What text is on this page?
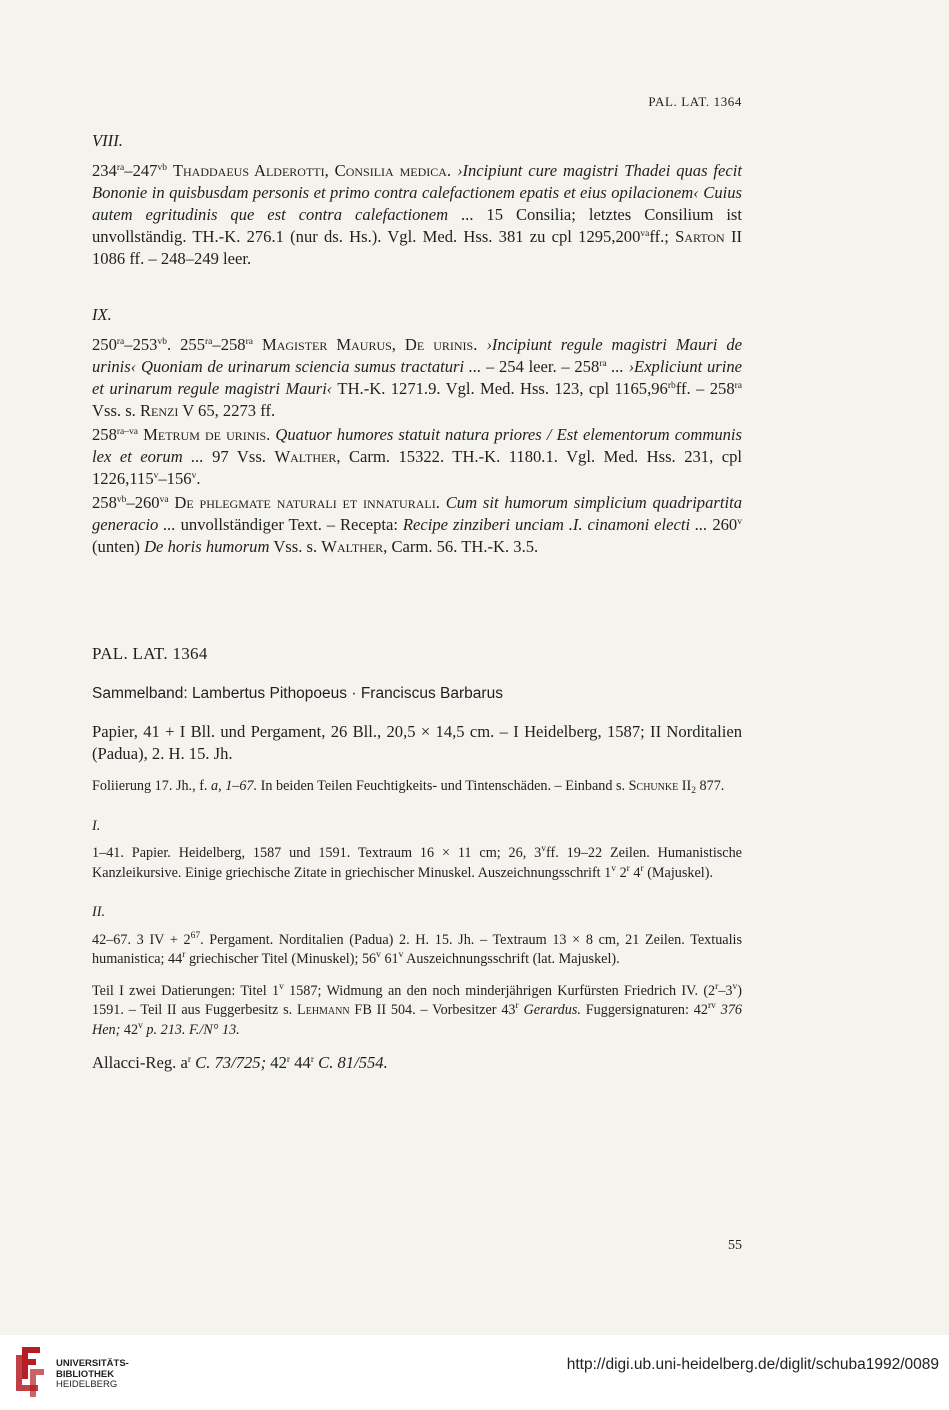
PAL. LAT. 1364

VIII.

$234^{ra}-247^{vb}$ Thaddaeus Alderotti, Consilia medica. ›Incipiunt cure magistri Thadei quas fecit Bononie in quisbusdam personis et primo contra calefactionem epatis et eius opilacionem‹ Cuius autem egritudinis que est contra calefactionem ... 15 Consilia; letztes Consilium ist unvollständig. TH.-K. 276.1 (nur ds. Hs.). Vgl. Med. Hss. 381 zu cpl $1295,200^{va}ff$.; Sarton II 1086 ff. – 248–249 leer.

IX.

$250^{ra}-253^{vb}$. $255^{ra}-258^{ra}$ Magister Maurus, De urinis. ›Incipiunt regule magistri Mauri de urinis‹ Quoniam de urinarum sciencia sumus tractaturi ... – 254 leer. – $258^{ra}$ ... ›Expliciunt urine et urinarum regule magistri Mauri‹ TH.-K. 1271.9. Vgl. Med. Hss. 123, cpl $1165,96^{rb}ff$. – $258^{ra}$ Vss. s. Renzi V 65, 2273 ff.

$258^{ra-va}$ Metrum de urinis. Quatuor humores statuit natura priores / Est elementorum communis lex et eorum ... 97 Vss. Walther, Carm. 15322. TH.-K. 1180.1. Vgl. Med. Hss. 231, cpl 1226,115$^v$–156$^v$.

$258^{vb}-260^{va}$ De phlegmate naturali et innaturali. Cum sit humorum simplicium quadripartita generacio ... unvollständiger Text. – Recepta: Recipe zinziberi unciam .I. cinamoni electi ... 260$^v$ (unten) De horis humorum Vss. s. Walther, Carm. 56. TH.-K. 3.5.

PAL. LAT. 1364

Sammelband: Lambertus Pithopoeus · Franciscus Barbarus

Papier, 41 + I Bll. und Pergament, 26 Bll., 20,5 × 14,5 cm. – I Heidelberg, 1587; II Norditalien (Padua), 2. H. 15. Jh.

Foliierung 17. Jh., f. a, 1–67. In beiden Teilen Feuchtigkeits- und Tintenschäden. – Einband s. Schunke $II_2$ 877.

I.

1–41. Papier. Heidelberg, 1587 und 1591. Textraum 16 × 11 cm; 26, 3$^v$ff. 19–22 Zeilen. Humanistische Kanzleikursive. Einige griechische Zitate in griechischer Minuskel. Auszeichnungsschrift 1$^v$ 2$^r$ 4$^r$ (Majuskel).

II.

42–67. 3 IV + $2^{67}$. Pergament. Norditalien (Padua) 2. H. 15. Jh. – Textraum 13 × 8 cm, 21 Zeilen. Textualis humanistica; 44$^r$ griechischer Titel (Minuskel); 56$^v$ 61$^v$ Auszeichnungsschrift (lat. Majuskel).

Teil I zwei Datierungen: Titel 1$^v$ 1587; Widmung an den noch minderjährigen Kurfürsten Friedrich IV. (2$^r$–3$^v$) 1591. – Teil II aus Fuggerbesitz s. Lehmann FB II 504. – Vorbesitzer 43$^r$ Gerardus. Fuggersignaturen: $42^{rv}$ 376 Hen; 42$^v$ p. 213. F./N° 13.

Allacci-Reg. $a^r$ C. 73/725; 42$^r$ 44$^r$ C. 81/554.

55
UNIVERSITÄTS-
BIBLIOTHEK
HEIDELBERG
http://digi.ub.uni-heidelberg.de/diglit/schuba1992/0089
